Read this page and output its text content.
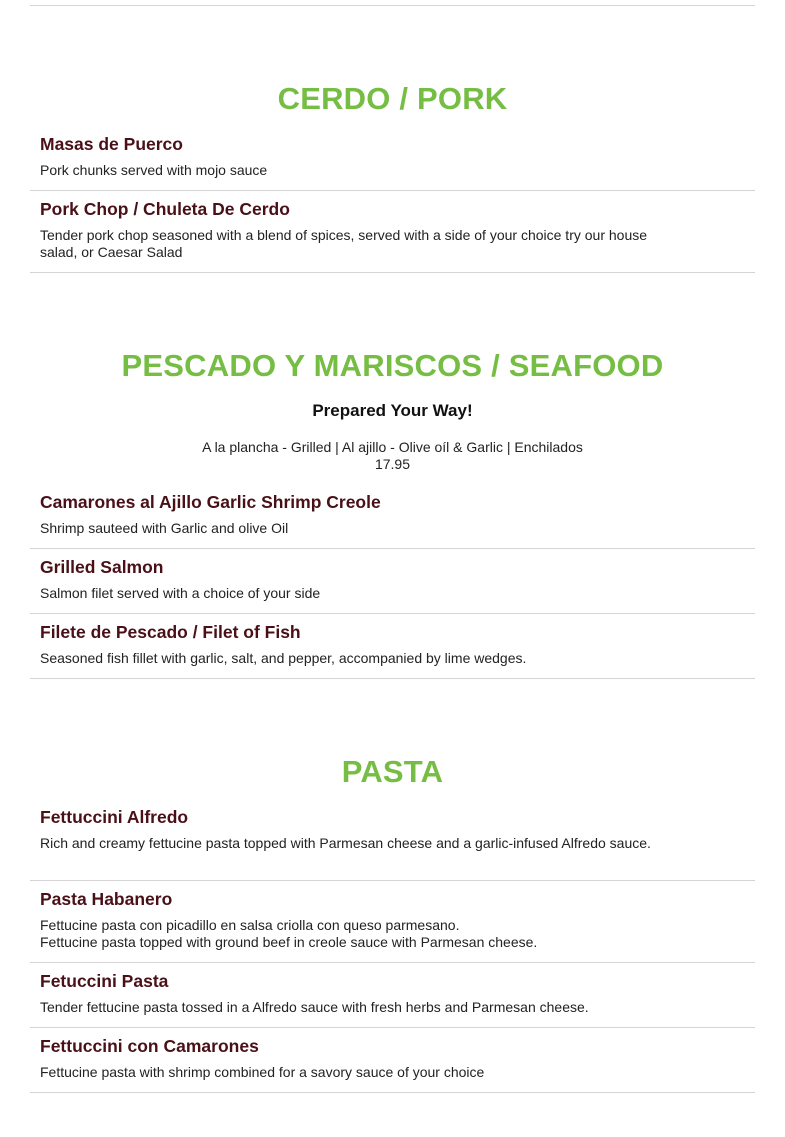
CERDO / PORK
Masas de Puerco
Pork chunks served with mojo sauce
Pork Chop / Chuleta De Cerdo
Tender pork chop seasoned with a blend of spices, served with a side of your choice try our house salad, or Caesar Salad
PESCADO Y MARISCOS / SEAFOOD
Prepared Your Way!
A la plancha - Grilled | Al ajillo - Olive oíl & Garlic | Enchilados
17.95
Camarones al Ajillo Garlic Shrimp Creole
Shrimp sauteed with Garlic and olive Oil
Grilled Salmon
Salmon filet served with a choice of your side
Filete de Pescado / Filet of Fish
Seasoned fish fillet with garlic, salt, and pepper, accompanied by lime wedges.
PASTA
Fettuccini Alfredo
Rich and creamy fettucine pasta topped with Parmesan cheese and a garlic-infused Alfredo sauce.
Pasta Habanero
Fettucine pasta con picadillo en salsa criolla con queso parmesano.
Fettucine pasta topped with ground beef in creole sauce with Parmesan cheese.
Fetuccini Pasta
Tender fettucine pasta tossed in a Alfredo sauce with fresh herbs and Parmesan cheese.
Fettuccini con Camarones
Fettucine pasta with shrimp combined for a savory sauce of your choice
